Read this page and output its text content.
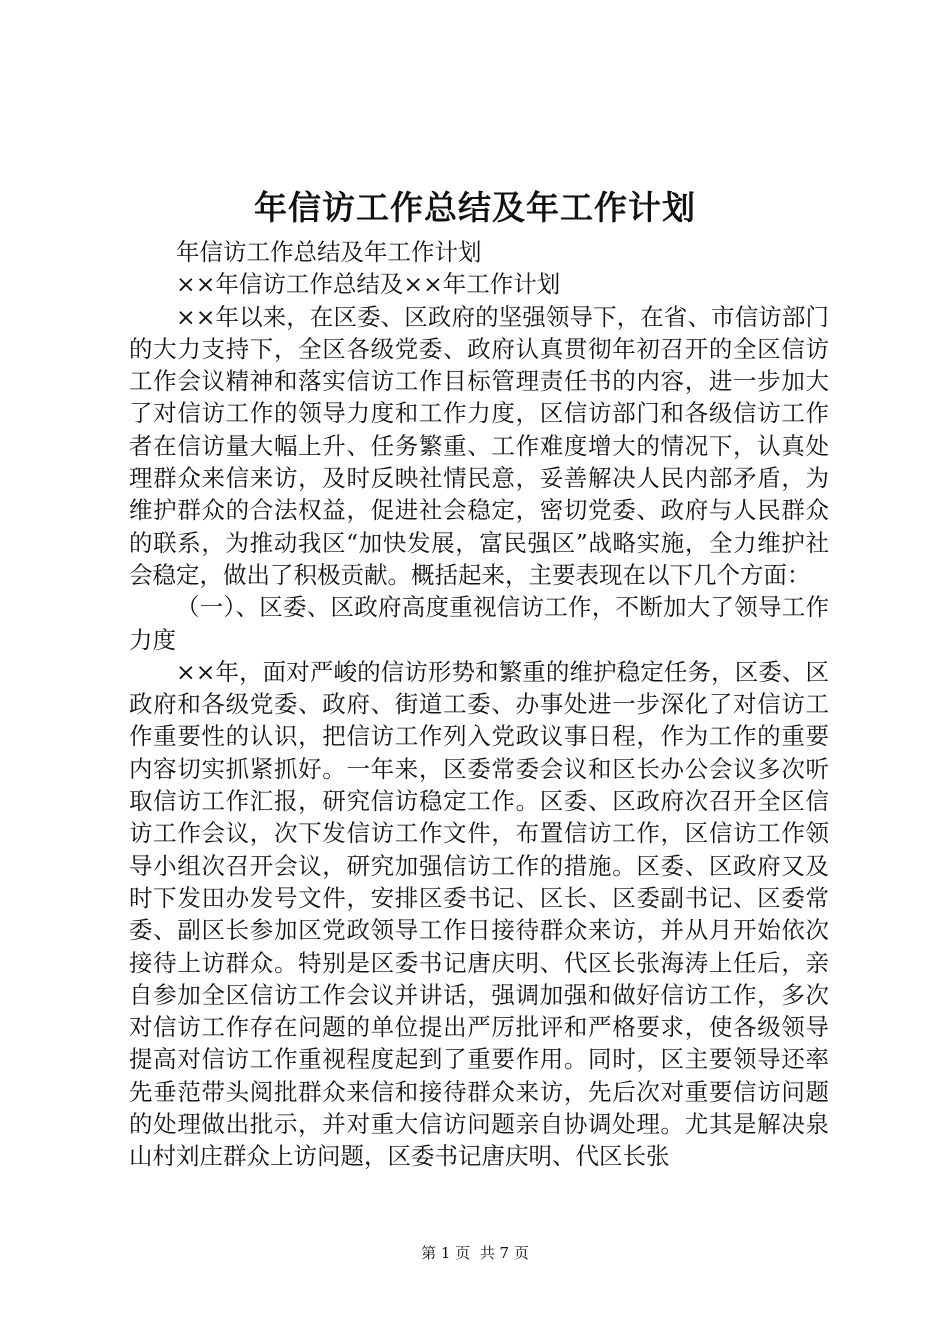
年信访工作总结及年工作计划

年信访工作总结及年工作计划

××年信访工作总结及××年工作计划

××年以来，在区委、区政府的坚强领导下，在省、市信访部门的大力支持下，全区各级党委、政府认真贯彻年初召开的全区信访工作会议精神和落实信访工作目标管理责任书的内容，进一步加大了对信访工作的领导力度和工作力度，区信访部门和各级信访工作者在信访量大幅上升、任务繁重、工作难度增大的情况下，认真处理群众来信来访，及时反映社情民意，妥善解决人民内部矛盾，为维护群众的合法权益，促进社会稳定，密切党委、政府与人民群众的联系，为推动我区“加快发展，富民强区”战略实施，全力维护社会稳定，做出了积极贡献。概括起来，主要表现在以下几个方面：

（一）、区委、区政府高度重视信访工作，不断加大了领导工作力度

××年，面对严峻的信访形势和繁重的维护稳定任务，区委、区政府和各级党委、政府、街道工委、办事处进一步深化了对信访工作重要性的认识，把信访工作列入党政议事日程，作为工作的重要内容切实抓紧抓好。一年来，区委常委会议和区长办公会议多次听取信访工作汇报，研究信访稳定工作。区委、区政府次召开全区信访工作会议，次下发信访工作文件，布置信访工作，区信访工作领导小组次召开会议，研究加强信访工作的措施。区委、区政府又及时下发田办发号文件，安排区委书记、区长、区委副书记、区委常委、副区长参加区党政领导工作日接待群众来访，并从月开始依次接待上访群众。特别是区委书记唐庆明、代区长张海涛上任后，亲自参加全区信访工作会议并讲话，强调加强和做好信访工作，多次对信访工作存在问题的单位提出严厉批评和严格要求，使各级领导提高对信访工作重视程度起到了重要作用。同时，区主要领导还率先垂范带头阅批群众来信和接待群众来访，先后次对重要信访问题的处理做出批示，并对重大信访问题亲自协调处理。尤其是解决泉山村刘庄群众上访问题，区委书记唐庆明、代区长张

第 1 页  共 7 页
